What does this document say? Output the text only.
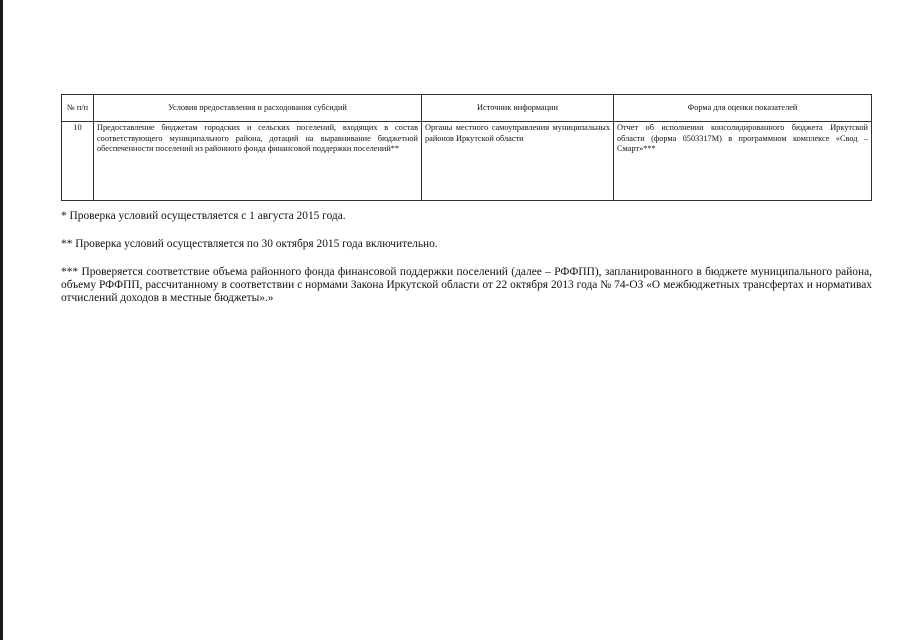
№ п/п	Условия предоставления и расходования субсидий	Источник информации	Форма для оценки показателей
10	Предоставление бюджетам городских и сельских поселений, входящих в состав соответствующего муниципального района, дотаций на выравнивание бюджетной обеспеченности поселений из районного фонда финансовой поддержки поселений**	Органы местного самоуправления муниципальных районов Иркутской области	Отчет об исполнении консолидированного бюджета Иркутской области (форма 0503317М) в программном комплексе «Свод – Смарт»***

* Проверка условий осуществляется с 1 августа 2015 года.

** Проверка условий осуществляется по 30 октября 2015 года включительно.

*** Проверяется соответствие объема районного фонда финансовой поддержки поселений (далее – РФФПП), запланированного в бюджете муниципального района, объему РФФПП, рассчитанному в соответствии с нормами Закона Иркутской области от 22 октября 2013 года № 74-ОЗ «О межбюджетных трансфертах и нормативах отчислений доходов в местные бюджеты».»
